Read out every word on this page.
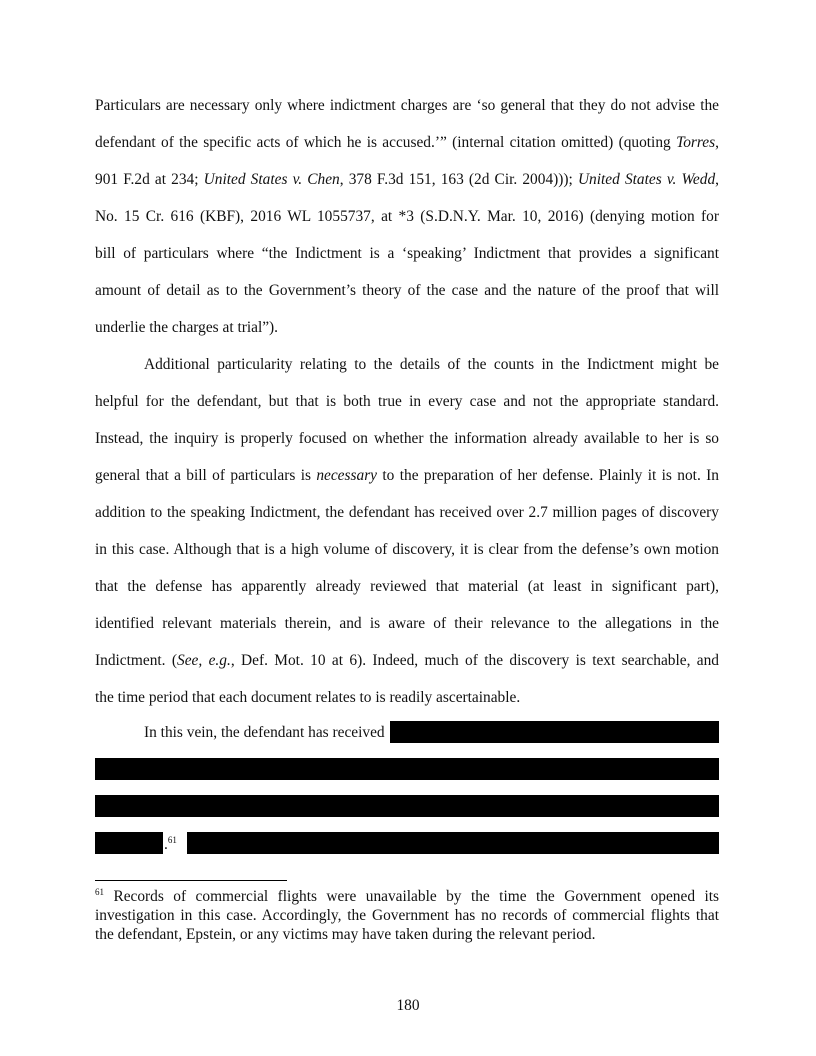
Particulars are necessary only where indictment charges are ‘so general that they do not advise the
defendant of the specific acts of which he is accused.’” (internal citation omitted) (quoting Torres,
901 F.2d at 234; United States v. Chen, 378 F.3d 151, 163 (2d Cir. 2004))); United States v. Wedd,
No. 15 Cr. 616 (KBF), 2016 WL 1055737, at *3 (S.D.N.Y. Mar. 10, 2016) (denying motion for
bill of particulars where “the Indictment is a ‘speaking’ Indictment that provides a significant
amount of detail as to the Government’s theory of the case and the nature of the proof that will
underlie the charges at trial”).
Additional particularity relating to the details of the counts in the Indictment might be
helpful for the defendant, but that is both true in every case and not the appropriate standard.
Instead, the inquiry is properly focused on whether the information already available to her is so
general that a bill of particulars is necessary to the preparation of her defense. Plainly it is not. In
addition to the speaking Indictment, the defendant has received over 2.7 million pages of discovery
in this case. Although that is a high volume of discovery, it is clear from the defense’s own motion
that the defense has apparently already reviewed that material (at least in significant part),
identified relevant materials therein, and is aware of their relevance to the allegations in the
Indictment. (See, e.g., Def. Mot. 10 at 6). Indeed, much of the discovery is text searchable, and
the time period that each document relates to is readily ascertainable.
In this vein, the defendant has received
.$^{61}$
$^{61}$ Records of commercial flights were unavailable by the time the Government opened its
investigation in this case. Accordingly, the Government has no records of commercial flights that
the defendant, Epstein, or any victims may have taken during the relevant period.
180
